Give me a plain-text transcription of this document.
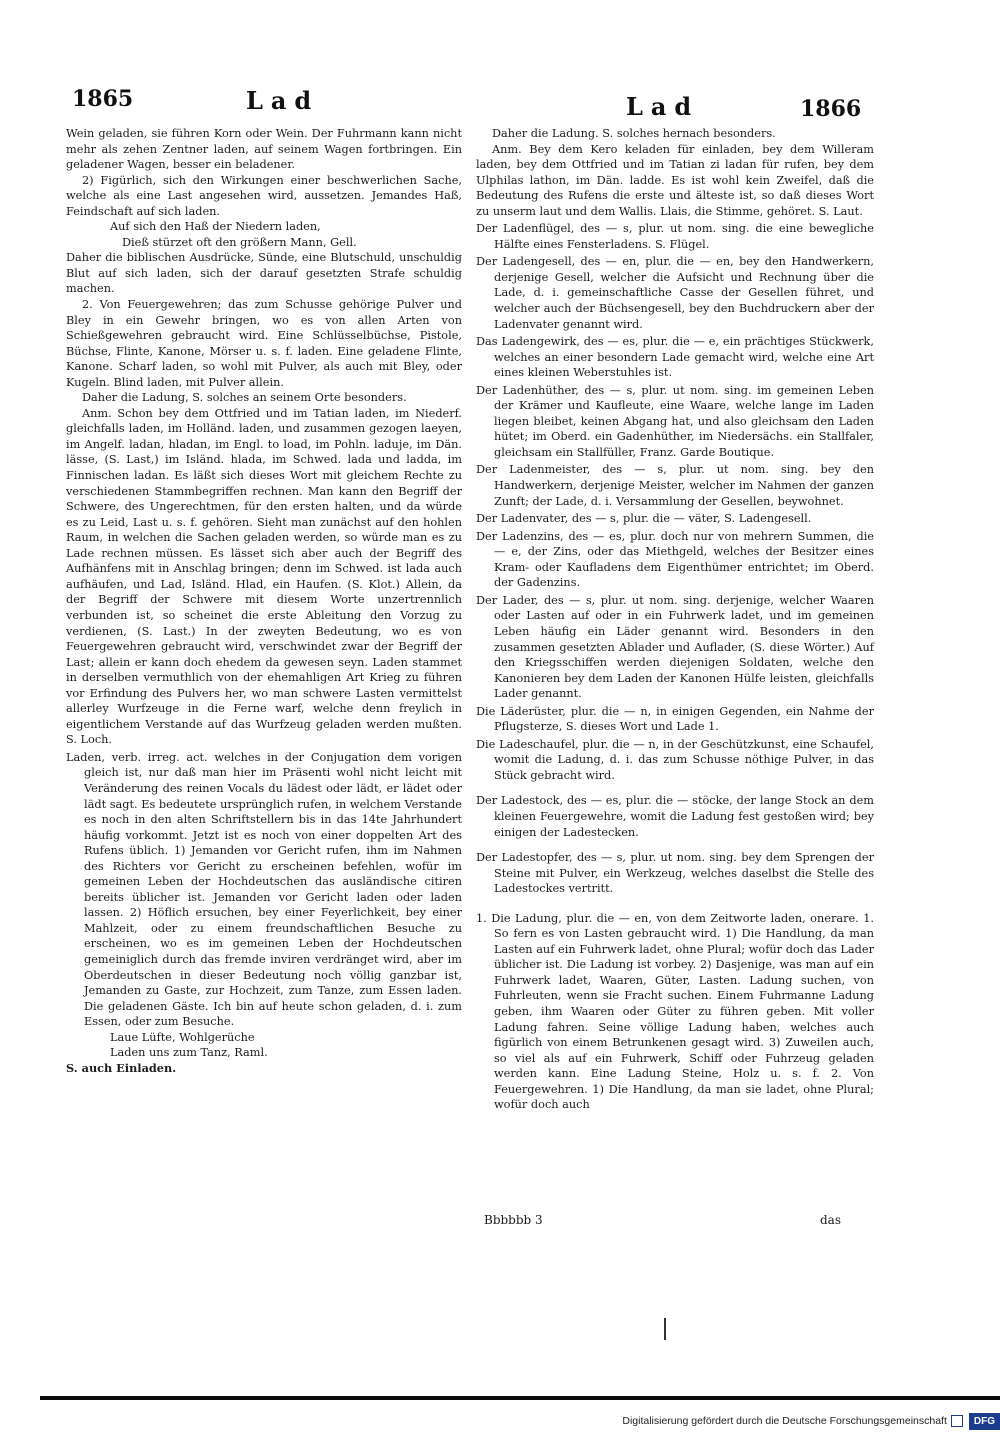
1865	Lad	Lad	1866

Wein geladen, sie führen Korn oder Wein. Der Fuhrmann kann nicht mehr als zehen Zentner laden, auf seinem Wagen fortbringen. Ein geladener Wagen, besser ein beladener.

2) Figürlich, sich den Wirkungen einer beschwerlichen Sache, welche als eine Last angesehen wird, aussetzen. Jemandes Haß, Feindschaft auf sich laden.

Auf sich den Haß der Niedern laden,

Dieß stürzet oft den größern Mann, Gell.

Daher die biblischen Ausdrücke, Sünde, eine Blutschuld, unschuldig Blut auf sich laden, sich der darauf gesetzten Strafe schuldig machen.

2. Von Feuergewehren; das zum Schusse gehörige Pulver und Bley in ein Gewehr bringen, wo es von allen Arten von Schießgewehren gebraucht wird. Eine Schlüsselbüchse, Pistole, Büchse, Flinte, Kanone, Mörser u. s. f. laden. Eine geladene Flinte, Kanone. Scharf laden, so wohl mit Pulver, als auch mit Bley, oder Kugeln. Blind laden, mit Pulver allein.

Daher die Ladung, S. solches an seinem Orte besonders.

Anm. Schon bey dem Ottfried und im Tatian laden, im Niederf. gleichfalls laden, im Holländ. laden, und zusammen gezogen laeyen, im Angelf. ladan, hladan, im Engl. to load, im Pohln. laduje, im Dän. lässe, (S. Last,) im Isländ. hlada, im Schwed. lada und ladda, im Finnischen ladan. Es läßt sich dieses Wort mit gleichem Rechte zu verschiedenen Stammbegriffen rechnen. Man kann den Begriff der Schwere, des Ungerechtmen, für den ersten halten, und da würde es zu Leid, Last u. s. f. gehören. Sieht man zunächst auf den hohlen Raum, in welchen die Sachen geladen werden, so würde man es zu Lade rechnen müssen. Es lässet sich aber auch der Begriff des Aufhänfens mit in Anschlag bringen; denn im Schwed. ist lada auch aufhäufen, und Lad, Isländ. Hlad, ein Haufen. (S. Klot.) Allein, da der Begriff der Schwere mit diesem Worte unzertrennlich verbunden ist, so scheinet die erste Ableitung den Vorzug zu verdienen, (S. Last.) In der zweyten Bedeutung, wo es von Feuergewehren gebraucht wird, verschwindet zwar der Begriff der Last; allein er kann doch ehedem da gewesen seyn. Laden stammet in derselben vermuthlich von der ehemahligen Art Krieg zu führen vor Erfindung des Pulvers her, wo man schwere Lasten vermittelst allerley Wurfzeuge in die Ferne warf, welche denn freylich in eigentlichem Verstande auf das Wurfzeug geladen werden mußten. S. Loch.

Laden, verb. irreg. act. welches in der Conjugation dem vorigen gleich ist, nur daß man hier im Präsenti wohl nicht leicht mit Veränderung des reinen Vocals du lädest oder lädt, er lädet oder lädt sagt. Es bedeutete ursprünglich rufen, in welchem Verstande es noch in den alten Schriftstellern bis in das 14te Jahrhundert häufig vorkommt. Jetzt ist es noch von einer doppelten Art des Rufens üblich. 1) Jemanden vor Gericht rufen, ihm im Nahmen des Richters vor Gericht zu erscheinen befehlen, wofür im gemeinen Leben der Hochdeutschen das ausländische citiren bereits üblicher ist. Jemanden vor Gericht laden oder laden lassen. 2) Höflich ersuchen, bey einer Feyerlichkeit, bey einer Mahlzeit, oder zu einem freundschaftlichen Besuche zu erscheinen, wo es im gemeinen Leben der Hochdeutschen gemeiniglich durch das fremde inviren verdränget wird, aber im Oberdeutschen in dieser Bedeutung noch völlig ganzbar ist, Jemanden zu Gaste, zur Hochzeit, zum Tanze, zum Essen laden. Die geladenen Gäste. Ich bin auf heute schon geladen, d. i. zum Essen, oder zum Besuche.

Laue Lüfte, Wohlgerüche

Laden uns zum Tanz, Raml.

S. auch Einladen.

Daher die Ladung. S. solches hernach besonders.

Anm. Bey dem Kero keladen für einladen, bey dem Willeram laden, bey dem Ottfried und im Tatian zi ladan für rufen, bey dem Ulphilas lathon, im Dän. ladde. Es ist wohl kein Zweifel, daß die Bedeutung des Rufens die erste und älteste ist, so daß dieses Wort zu unserm laut und dem Wallis. Llais, die Stimme, gehöret. S. Laut.

Der Ladenflügel, des — s, plur. ut nom. sing. die eine bewegliche Hälfte eines Fensterladens. S. Flügel.

Der Ladengesell, des — en, plur. die — en, bey den Handwerkern, derjenige Gesell, welcher die Aufsicht und Rechnung über die Lade, d. i. gemeinschaftliche Casse der Gesellen führet, und welcher auch der Büchsengesell, bey den Buchdruckern aber der Ladenvater genannt wird.

Das Ladengewirk, des — es, plur. die — e, ein prächtiges Stückwerk, welches an einer besondern Lade gemacht wird, welche eine Art eines kleinen Weberstuhles ist.

Der Ladenhüther, des — s, plur. ut nom. sing. im gemeinen Leben der Krämer und Kaufleute, eine Waare, welche lange im Laden liegen bleibet, keinen Abgang hat, und also gleichsam den Laden hütet; im Oberd. ein Gadenhüther, im Niedersächs. ein Stallfaler, gleichsam ein Stallfüller, Franz. Garde Boutique.

Der Ladenmeister, des — s, plur. ut nom. sing. bey den Handwerkern, derjenige Meister, welcher im Nahmen der ganzen Zunft; der Lade, d. i. Versammlung der Gesellen, beywohnet.

Der Ladenvater, des — s, plur. die — väter, S. Ladengesell.

Der Ladenzins, des — es, plur. doch nur von mehrern Summen, die — e, der Zins, oder das Miethgeld, welches der Besitzer eines Kram- oder Kaufladens dem Eigenthümer entrichtet; im Oberd. der Gadenzins.

Der Lader, des — s, plur. ut nom. sing. derjenige, welcher Waaren oder Lasten auf oder in ein Fuhrwerk ladet, und im gemeinen Leben häufig ein Läder genannt wird. Besonders in den zusammen gesetzten Ablader und Auflader, (S. diese Wörter.) Auf den Kriegsschiffen werden diejenigen Soldaten, welche den Kanonieren bey dem Laden der Kanonen Hülfe leisten, gleichfalls Lader genannt.

Die Läderüster, plur. die — n, in einigen Gegenden, ein Nahme der Pflugsterze, S. dieses Wort und Lade 1.

Die Ladeschaufel, plur. die — n, in der Geschützkunst, eine Schaufel, womit die Ladung, d. i. das zum Schusse nöthige Pulver, in das Stück gebracht wird.

Der Ladestock, des — es, plur. die — stöcke, der lange Stock an dem kleinen Feuergewehre, womit die Ladung fest gestoßen wird; bey einigen der Ladestecken.

Der Ladestopfer, des — s, plur. ut nom. sing. bey dem Sprengen der Steine mit Pulver, ein Werkzeug, welches daselbst die Stelle des Ladestockes vertritt.

1. Die Ladung, plur. die — en, von dem Zeitworte laden, onerare. 1. So fern es von Lasten gebraucht wird. 1) Die Handlung, da man Lasten auf ein Fuhrwerk ladet, ohne Plural; wofür doch das Lader üblicher ist. Die Ladung ist vorbey. 2) Dasjenige, was man auf ein Fuhrwerk ladet, Waaren, Güter, Lasten. Ladung suchen, von Fuhrleuten, wenn sie Fracht suchen. Einem Fuhrmanne Ladung geben, ihm Waaren oder Güter zu führen geben. Mit voller Ladung fahren. Seine völlige Ladung haben, welches auch figürlich von einem Betrunkenen gesagt wird. 3) Zuweilen auch, so viel als auf ein Fuhrwerk, Schiff oder Fuhrzeug geladen werden kann. Eine Ladung Steine, Holz u. s. f. 2. Von Feuergewehren. 1) Die Handlung, da man sie ladet, ohne Plural; wofür doch auch

Bbbbbb 3	das
Digitalisierung gefördert durch die Deutsche Forschungsgemeinschaft	DFG
